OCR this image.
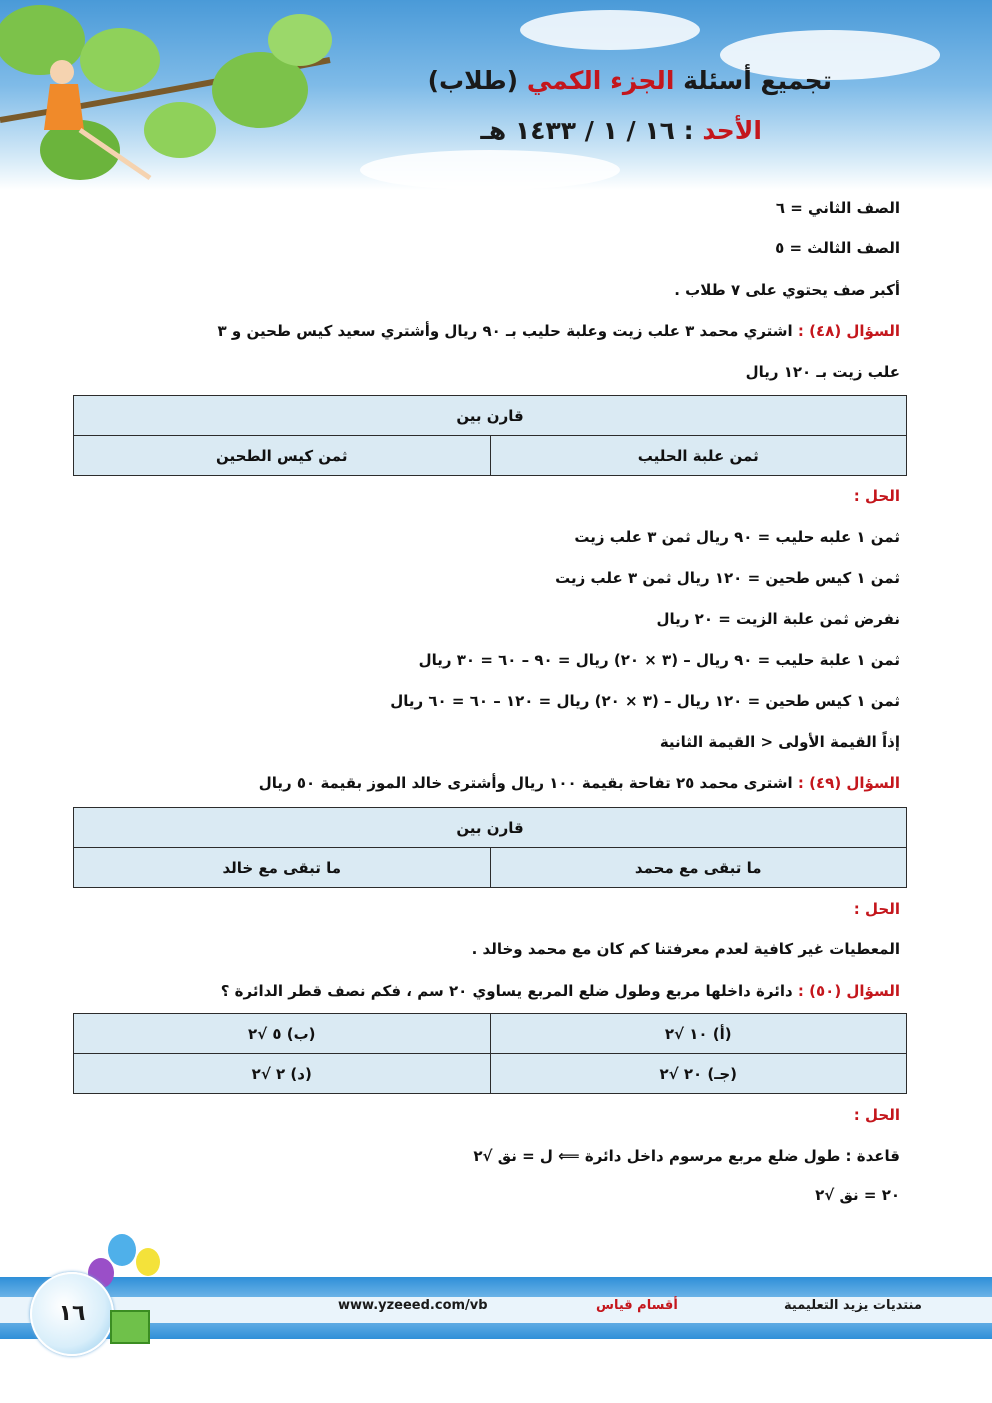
تجميع أسئلة الجزء الكمي (طلاب)
الأحد : ١٦ / ١ / ١٤٣٣ هـ
الصف الثاني = ٦
الصف الثالث = ٥
أكبر صف يحتوي على ٧ طلاب .
السؤال (٤٨) : اشتري محمد ٣ علب زيت وعلبة حليب بـ ٩٠ ريال وأشتري سعيد كيس طحين و ٣
علب زيت بـ ١٢٠ ريال
قارن بين
ثمن علبة الحليب	ثمن كيس الطحين
الحل :
ثمن ١ علبه حليب = ٩٠ ريال ثمن ٣ علب زيت
ثمن ١ كيس طحين = ١٢٠ ريال ثمن ٣ علب زيت
نفرض ثمن علبة الزيت = ٢٠ ريال
ثمن ١ علبة حليب = ٩٠ ريال – (٣ × ٢٠) ريال = ٩٠ – ٦٠ = ٣٠ ريال
ثمن ١ كيس طحين = ١٢٠ ريال – (٣ × ٢٠) ريال = ١٢٠ – ٦٠ = ٦٠ ريال
إذاً القيمة الأولى < القيمة الثانية
السؤال (٤٩) : اشترى محمد ٢٥ تفاحة بقيمة ١٠٠ ريال وأشترى خالد الموز بقيمة ٥٠ ريال
قارن بين
ما تبقى مع محمد	ما تبقى مع خالد
الحل :
المعطيات غير كافية لعدم معرفتنا كم كان مع محمد وخالد .
السؤال (٥٠) : دائرة داخلها مربع وطول ضلع المربع يساوي ٢٠ سم ، فكم نصف قطر الدائرة ؟
(أ) ١٠ √٢	(ب) ٥ √٢
(جـ) ٢٠ √٢	(د) ٢ √٢
الحل :
قاعدة : طول ضلع مربع مرسوم داخل دائرة ⟸ ل = نق √٢
٢٠ = نق √٢
١٦	www.yzeeed.com/vb	أقسام قياس	منتديات يزيد التعليمية
